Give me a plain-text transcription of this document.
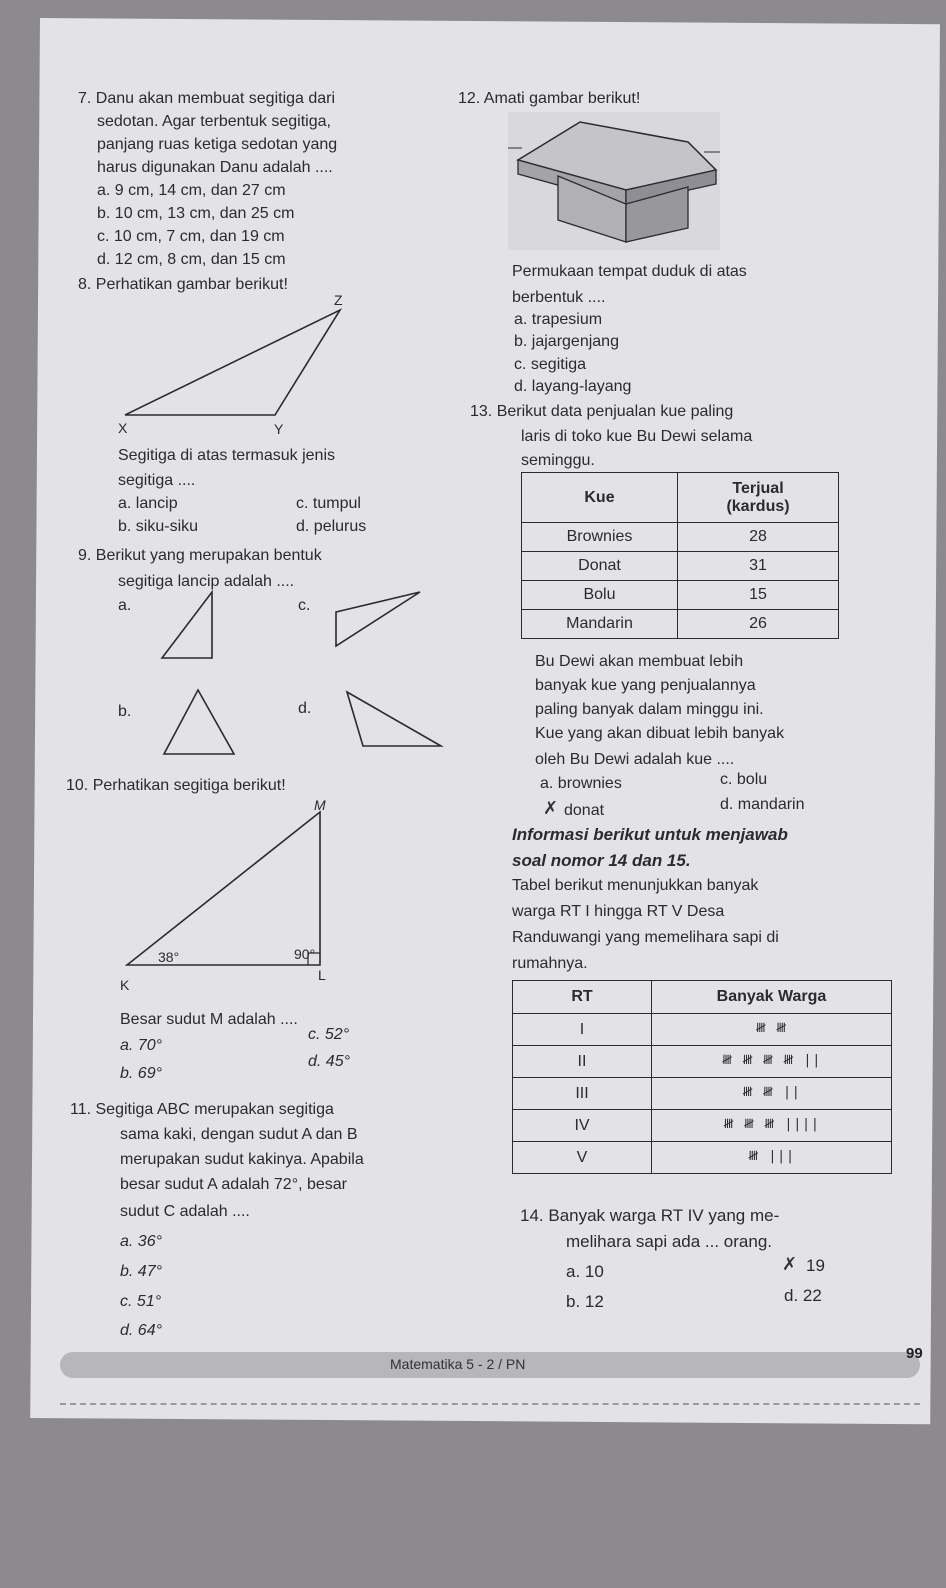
7. Danu akan membuat segitiga dari
sedotan. Agar terbentuk segitiga,
panjang ruas ketiga sedotan yang
harus digunakan Danu adalah ....
a. 9 cm, 14 cm, dan 27 cm
b. 10 cm, 13 cm, dan 25 cm
c. 10 cm, 7 cm, dan 19 cm
d. 12 cm, 8 cm, dan 15 cm
8. Perhatikan gambar berikut!
Z
X	Y
Segitiga di atas termasuk jenis
segitiga ....
a. lancip	c. tumpul
b. siku-siku	d. pelurus
9. Berikut yang merupakan bentuk
segitiga lancip adalah ....
a.	c.
b.	d.
10. Perhatikan segitiga berikut!
M
38°	90°
K
L
Besar sudut M adalah ....
a. 70°
c. 52°
b. 69°
d. 45°
11. Segitiga ABC merupakan segitiga
sama kaki, dengan sudut A dan B
merupakan sudut kakinya. Apabila
besar sudut A adalah 72°, besar
sudut C adalah ....
a. 36°
b. 47°
c. 51°
d. 64°
12. Amati gambar berikut!
Permukaan tempat duduk di atas
berbentuk ....
a. trapesium
b. jajargenjang
c. segitiga
d. layang-layang
13. Berikut data penjualan kue paling
laris di toko kue Bu Dewi selama
seminggu.
Kue	Terjual
(kardus)

Brownies	28
Donat	31
Bolu	15
Mandarin	26
Bu Dewi akan membuat lebih
banyak kue yang penjualannya
paling banyak dalam minggu ini.
Kue yang akan dibuat lebih banyak
oleh Bu Dewi adalah kue ....
a. brownies	c. bolu
✗ donat	d. mandarin
Informasi berikut untuk menjawab
soal nomor 14 dan 15.
Tabel berikut menunjukkan banyak
warga RT I hingga RT V Desa
Randuwangi yang memelihara sapi di
rumahnya.
RT	Banyak Warga
I	𝍸 𝍸
II	𝍸 𝍸 𝍸 𝍸 ||
III	𝍸 𝍸 ||
IV	𝍸 𝍸 𝍸 ||||
V	𝍸 |||
14. Banyak warga RT IV yang me-
melihara sapi ada ... orang.
a. 10	✗ 19
b. 12	d. 22
Matematika 5 - 2 / PN
99
